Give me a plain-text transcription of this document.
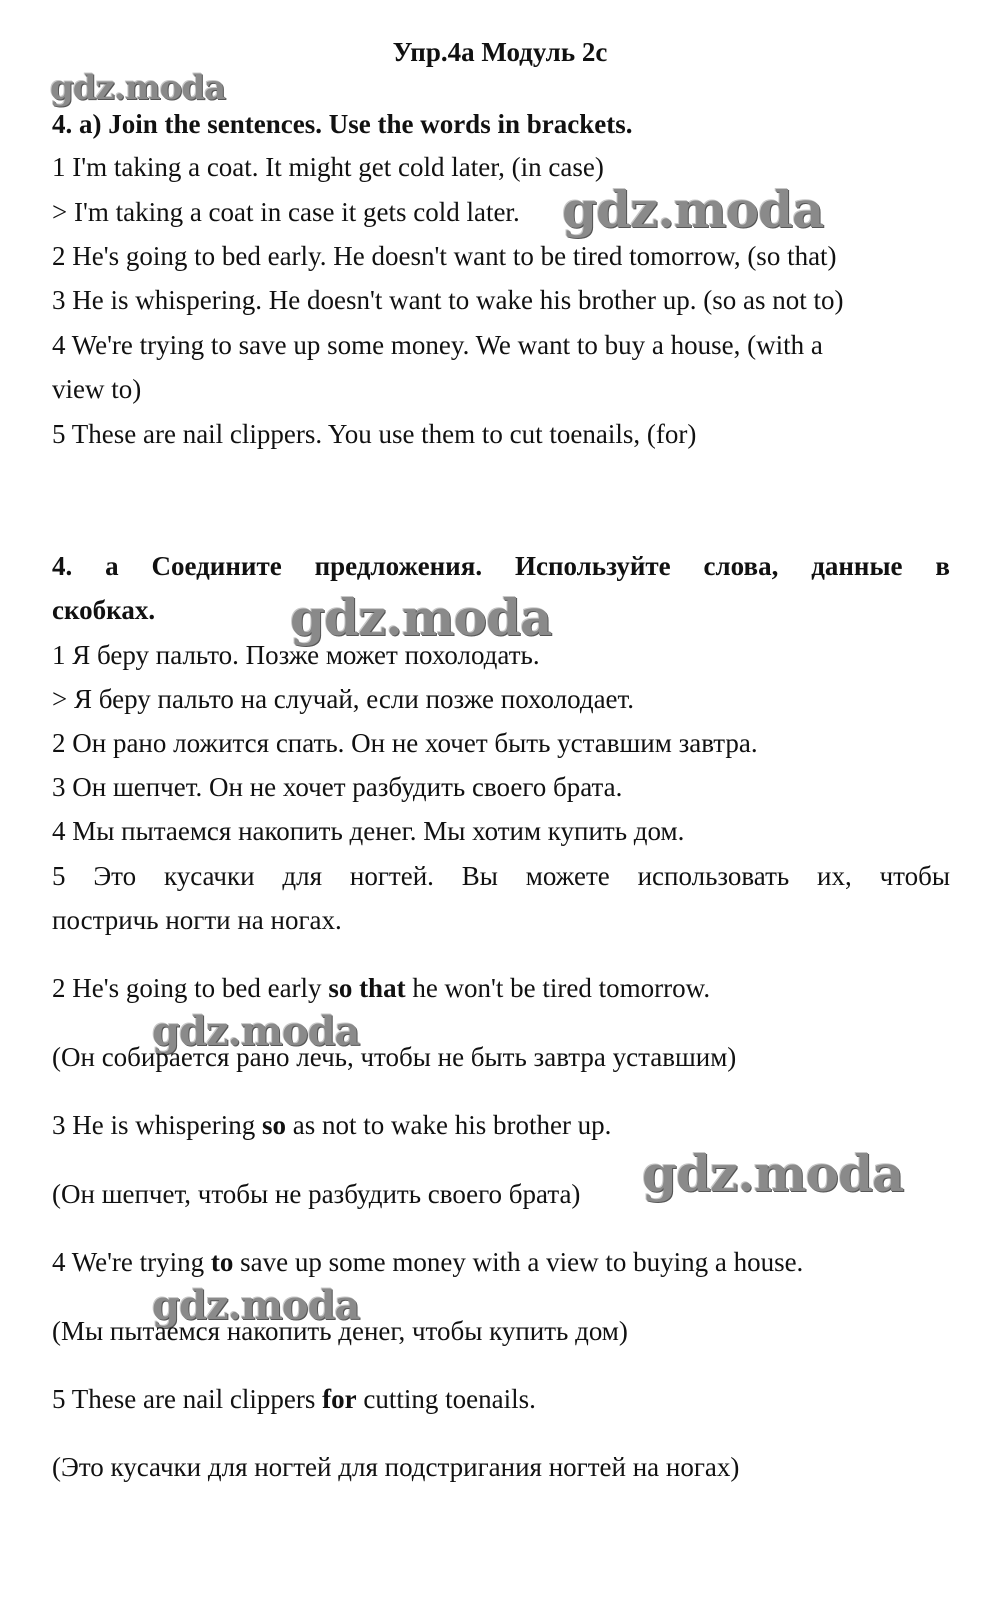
Упр.4а Модуль 2с
gdz.moda
gdz.moda
gdz.moda
gdz.moda
gdz.moda
gdz.moda
4. a) Join the sentences. Use the words in brackets.
1 I'm taking a coat. It might get cold later, (in case)
> I'm taking a coat in case it gets cold later.
2 He's going to bed early. He doesn't want to be tired tomorrow, (so that)
3 He is whispering. He doesn't want to wake his brother up. (so as not to)
4 We're trying to save up some money. We want to buy a house, (with a
view to)
5 These are nail clippers. You use them to cut toenails, (for)
4. а Соедините предложения. Используйте слова, данные в
скобках.
1 Я беру пальто. Позже может похолодать.
> Я беру пальто на случай, если позже похолодает.
2 Он рано ложится спать. Он не хочет быть уставшим завтра.
3 Он шепчет. Он не хочет разбудить своего брата.
4 Мы пытаемся накопить денег. Мы хотим купить дом.
5 Это кусачки для ногтей. Вы можете использовать их, чтобы
постричь ногти на ногах.
2 He's going to bed early so that he won't be tired tomorrow.
(Он собирается рано лечь, чтобы не быть завтра уставшим)
3 He is whispering so as not to wake his brother up.
(Он шепчет, чтобы не разбудить своего брата)
4 We're trying to save up some money with a view to buying a house.
(Мы пытаемся накопить денег, чтобы купить дом)
5 These are nail clippers for cutting toenails.
(Это кусачки для ногтей для подстригания ногтей на ногах)
